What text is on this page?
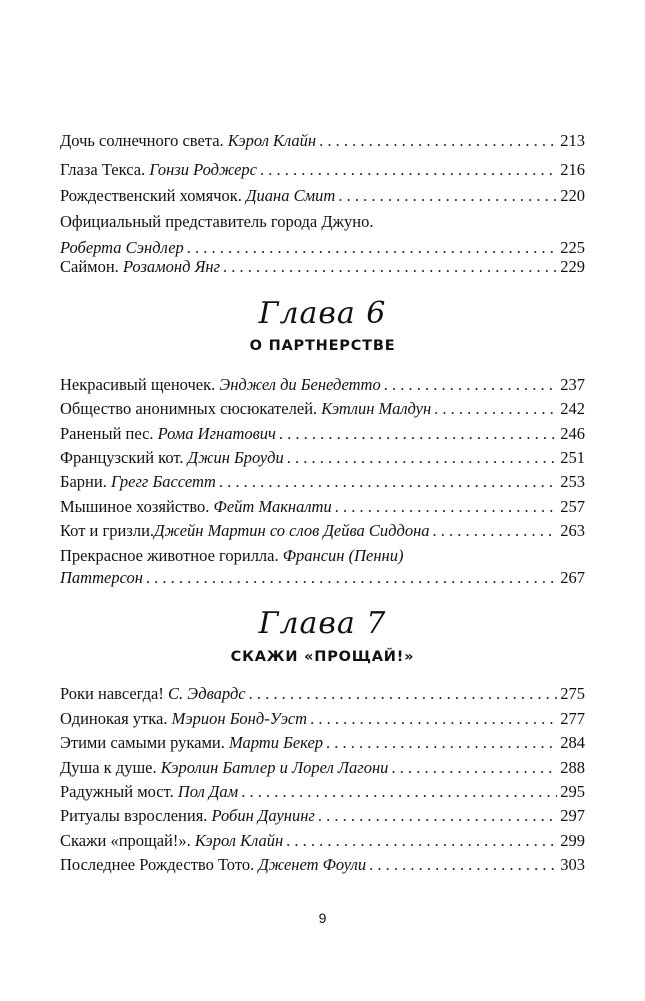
Дочь солнечного света. Кэрол Клайн . . .	213
Глаза Текса. Гонзи Роджерс . . .	216
Рождественский хомячок. Диана Смит . . .	220
Официальный представитель города Джуно.
Роберта Сэндлер . . .	225
Саймон. Розамонд Янг . . .	229
Глава 6
О ПАРТНЕРСТВЕ
Некрасивый щеночек. Энджел ди Бенедетто . . .	237
Общество анонимных сюсюкателей. Кэтлин Малдун . . .	242
Раненый пес. Рома Игнатович . . .	246
Французский кот. Джин Броуди . . .	251
Барни. Грегг Бассетт . . .	253
Мышиное хозяйство. Фейт Макналти . . .	257
Кот и гризли.Джейн Мартин со слов Дейва Сиддона . . .	263
Прекрасное животное горилла. Франсин (Пенни)
Паттерсон . . .	267
Глава 7
СКАЖИ «ПРОЩАЙ!»
Роки навсегда! С. Эдвардс . . .	275
Одинокая утка. Мэрион Бонд-Уэст . . .	277
Этими самыми руками. Марти Бекер . . .	284
Душа к душе. Кэролин Батлер и Лорел Лагони . . .	288
Радужный мост. Пол Дам . . .	295
Ритуалы взросления. Робин Даунинг . . .	297
Скажи «прощай!». Кэрол Клайн . . .	299
Последнее Рождество Тото. Дженет Фоули . . .	303
9
